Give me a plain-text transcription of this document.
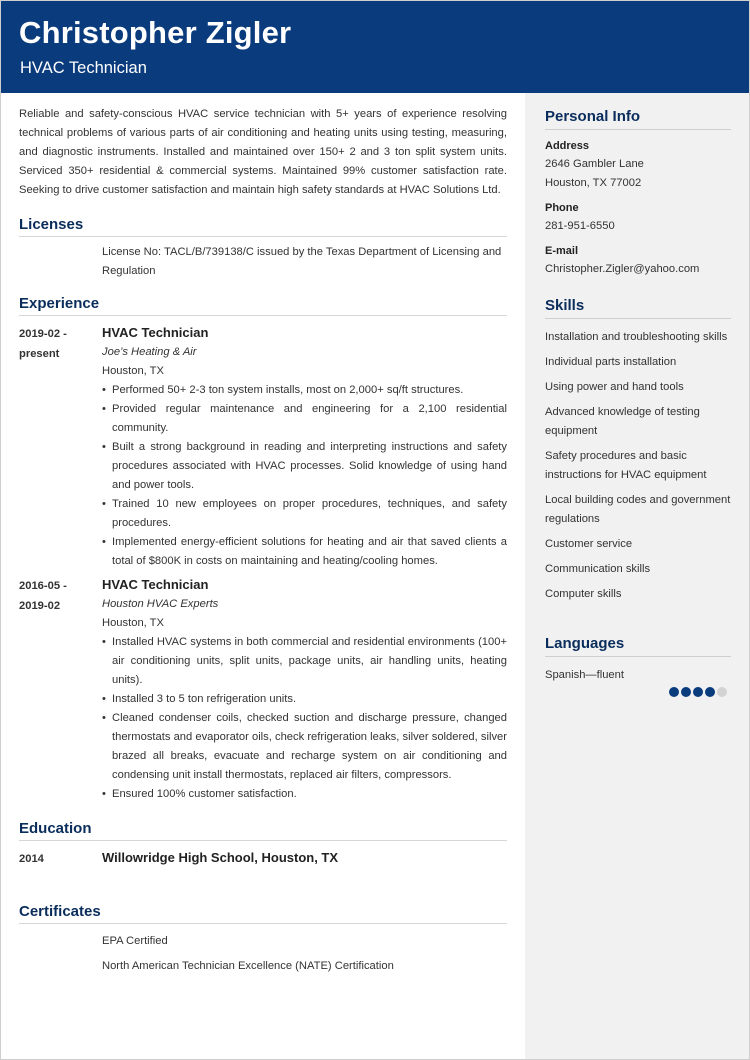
Christopher Zigler
HVAC Technician

Reliable and safety-conscious HVAC service technician with 5+ years of experience resolving technical problems of various parts of air conditioning and heating units using testing, measuring, and diagnostic instruments. Installed and maintained over 150+ 2 and 3 ton split system units. Serviced 350+ residential & commercial systems. Maintained 99% customer satisfaction rate. Seeking to drive customer satisfaction and maintain high safety standards at HVAC Solutions Ltd.

Licenses
License No: TACL/B/739138/C issued by the Texas Department of Licensing and Regulation
Experience
2019-02 - present
HVAC Technician
Joe’s Heating & Air
Houston, TX
• Performed 50+ 2-3 ton system installs, most on 2,000+ sq/ft structures.
• Provided regular maintenance and engineering for a 2,100 residential community.
• Built a strong background in reading and interpreting instructions and safety procedures associated with HVAC processes. Solid knowledge of using hand and power tools.
• Trained 10 new employees on proper procedures, techniques, and safety procedures.
• Implemented energy-efficient solutions for heating and air that saved clients a total of $800K in costs on maintaining and heating/cooling homes.
2016-05 - 2019-02
HVAC Technician
Houston HVAC Experts
Houston, TX
• Installed HVAC systems in both commercial and residential environments (100+ air conditioning units, split units, package units, air handling units, heating units).
• Installed 3 to 5 ton refrigeration units.
• Cleaned condenser coils, checked suction and discharge pressure, changed thermostats and evaporator oils, check refrigeration leaks, silver soldered, silver brazed all breaks, evacuate and recharge system on air conditioning and condensing unit install thermostats, replaced air filters, compressors.
• Ensured 100% customer satisfaction.
Education
2014	Willowridge High School, Houston, TX
Certificates
EPA Certified
North American Technician Excellence (NATE) Certification
Personal Info
Address
2646 Gambler Lane
Houston, TX 77002
Phone
281-951-6550
E-mail
Christopher.Zigler@yahoo.com
Skills
Installation and troubleshooting skills
Individual parts installation
Using power and hand tools
Advanced knowledge of testing equipment
Safety procedures and basic instructions for HVAC equipment
Local building codes and government regulations
Customer service
Communication skills
Computer skills
Languages
Spanish—fluent
